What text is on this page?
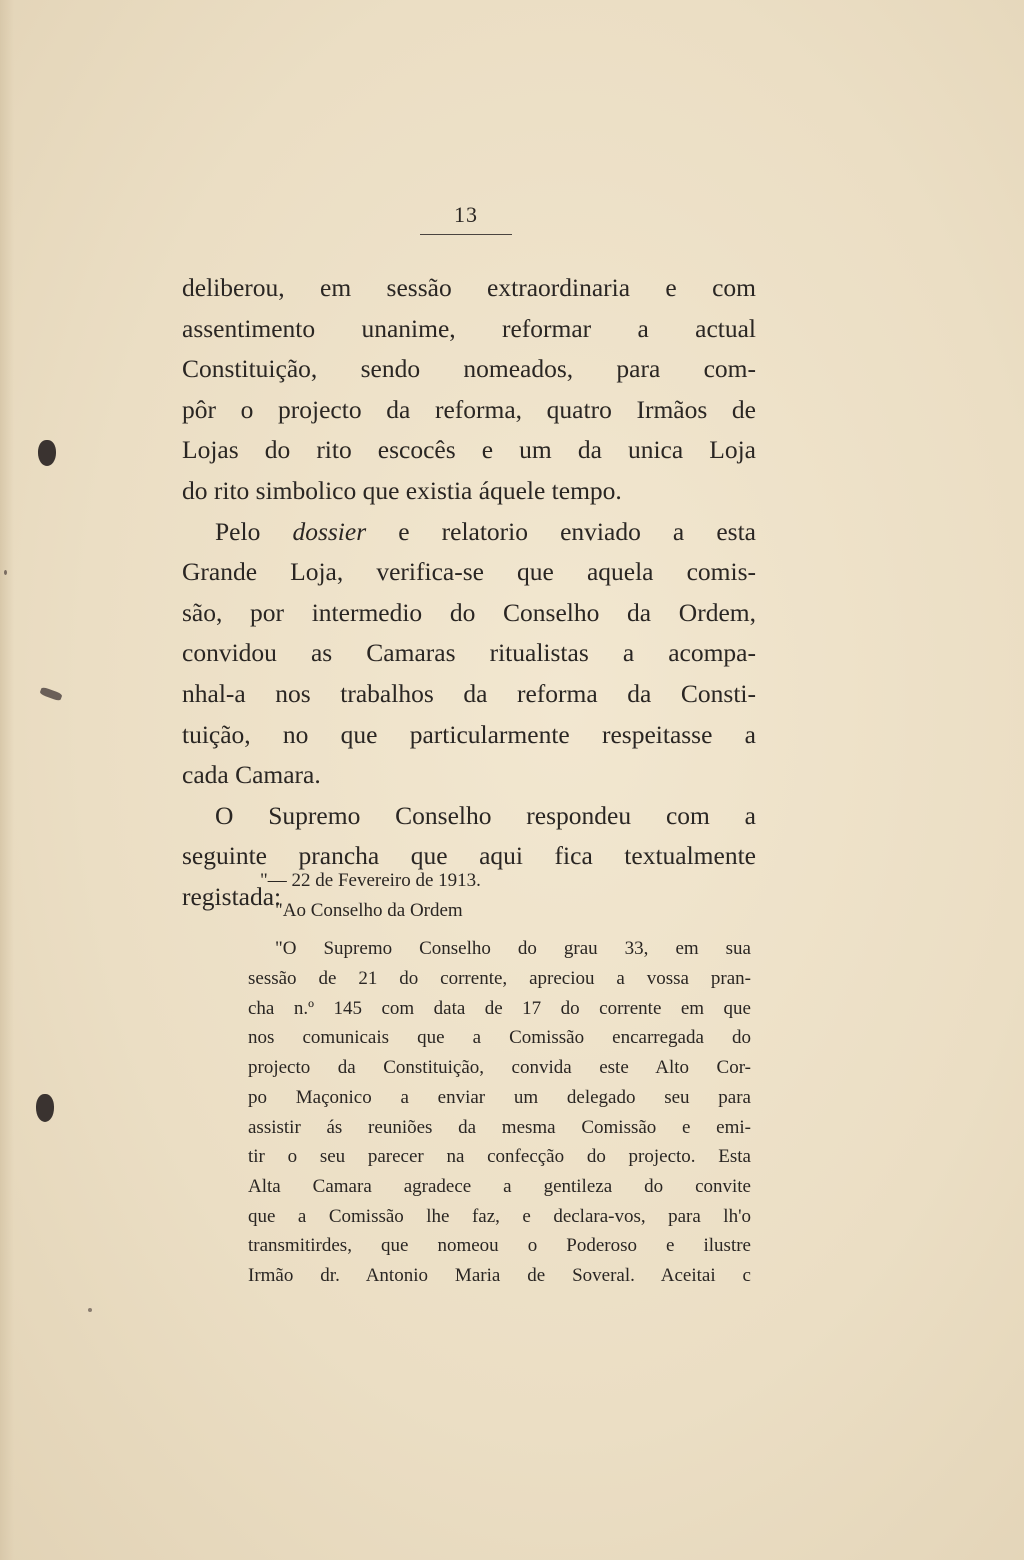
13
deliberou, em sessão extraordinaria e com
assentimento unanime, reformar a actual
Constituição, sendo nomeados, para com-
pôr o projecto da reforma, quatro Irmãos de
Lojas do rito escocês e um da unica Loja
do rito simbolico que existia áquele tempo.
Pelo dossier e relatorio enviado a esta
Grande Loja, verifica-se que aquela comis-
são, por intermedio do Conselho da Ordem,
convidou as Camaras ritualistas a acompa-
nhal-a nos trabalhos da reforma da Consti-
tuição, no que particularmente respeitasse a
cada Camara.
O Supremo Conselho respondeu com a
seguinte prancha que aqui fica textualmente
registada:
"— 22 de Fevereiro de 1913.
"Ao Conselho da Ordem
"O Supremo Conselho do grau 33, em sua
sessão de 21 do corrente, apreciou a vossa pran-
cha n.º 145 com data de 17 do corrente em que
nos comunicais que a Comissão encarregada do
projecto da Constituição, convida este Alto Cor-
po Maçonico a enviar um delegado seu para
assistir ás reuniões da mesma Comissão e emi-
tir o seu parecer na confecção do projecto. Esta
Alta Camara agradece a gentileza do convite
que a Comissão lhe faz, e declara-vos, para lh'o
transmitirdes, que nomeou o Poderoso e ilustre
Irmão dr. Antonio Maria de Soveral. Aceitai c
